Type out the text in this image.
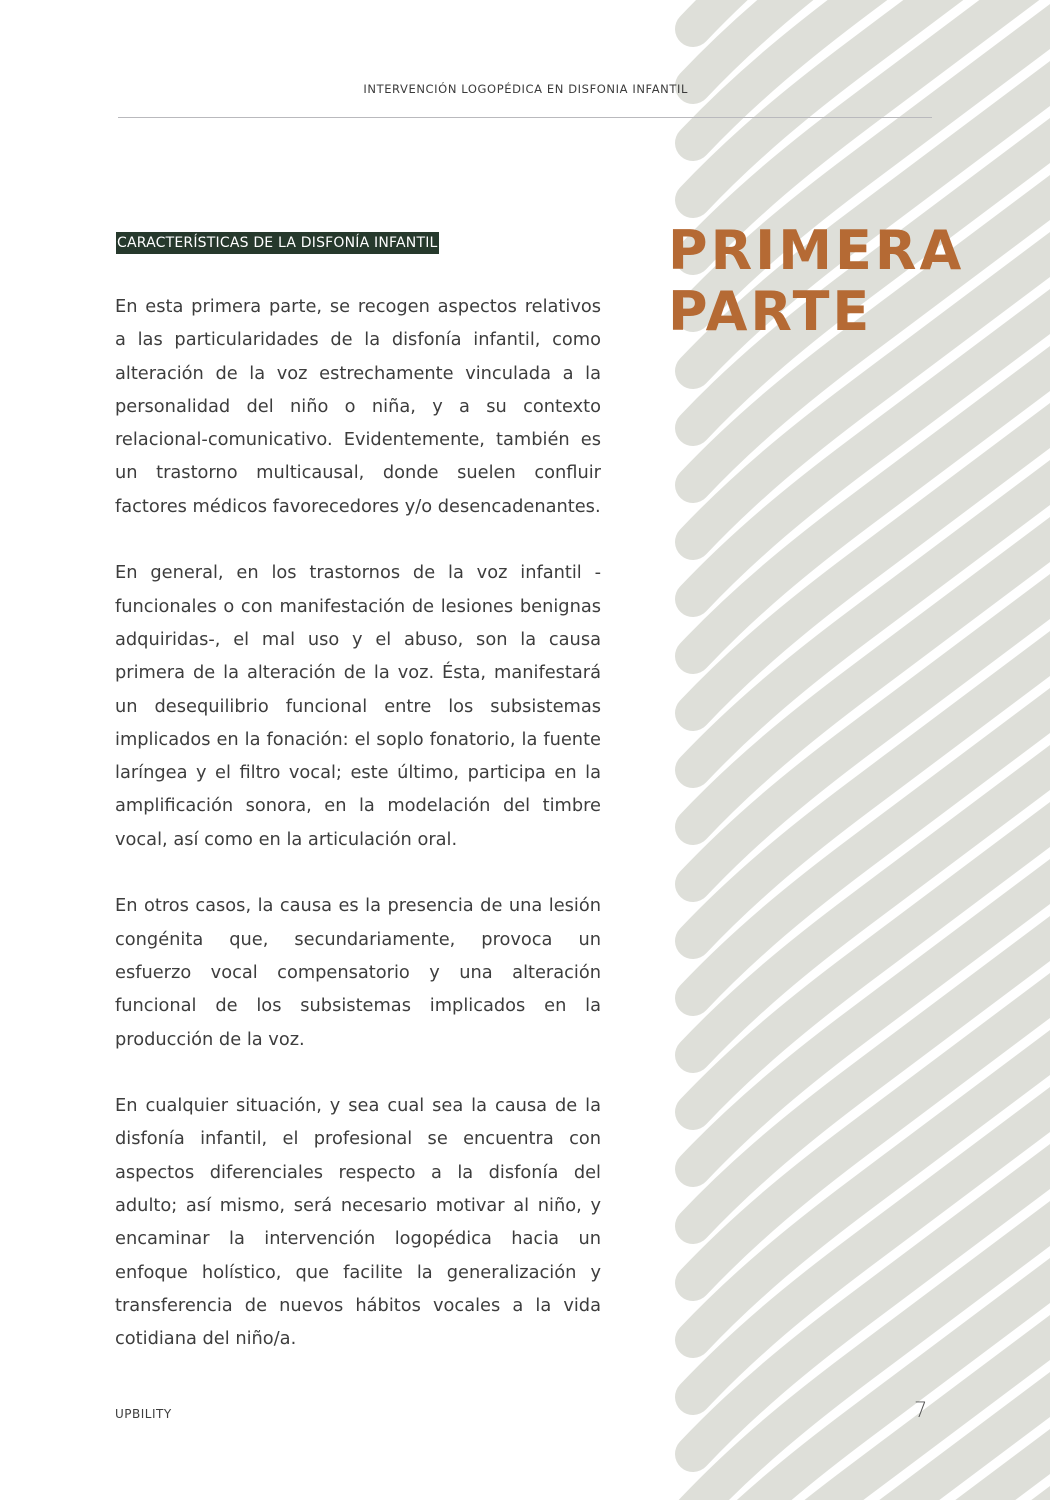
INTERVENCIÓN LOGOPÉDICA EN DISFONIA INFANTIL
CARACTERÍSTICAS DE LA DISFONÍA INFANTIL	PRIMERA
PARTE

En esta primera parte, se recogen aspectos relativos a las particularidades de la disfonía infantil, como alteración de la voz estrechamente vinculada a la personalidad del niño o niña, y a su contexto relacional-comunicativo. Evidentemente, también es un trastorno multicausal, donde suelen confluir factores médicos favorecedores y/o desencadenantes.

En general, en los trastornos de la voz infantil -funcionales o con manifestación de lesiones benignas adquiridas-, el mal uso y el abuso, son la causa primera de la alteración de la voz. Ésta, manifestará un desequilibrio funcional entre los subsistemas implicados en la fonación: el soplo fonatorio, la fuente laríngea y el filtro vocal; este último, participa en la amplificación sonora, en la modelación del timbre vocal, así como en la articulación oral.

En otros casos, la causa es la presencia de una lesión congénita que, secundariamente, provoca un esfuerzo vocal compensatorio y una alteración funcional de los subsistemas implicados en la producción de la voz.

En cualquier situación, y sea cual sea la causa de la disfonía infantil, el profesional se encuentra con aspectos diferenciales respecto a la disfonía del adulto; así mismo, será necesario motivar al niño, y encaminar la intervención logopédica hacia un enfoque holístico, que facilite la generalización y transferencia de nuevos hábitos vocales a la vida cotidiana del niño/a.

UPBILITY	7
